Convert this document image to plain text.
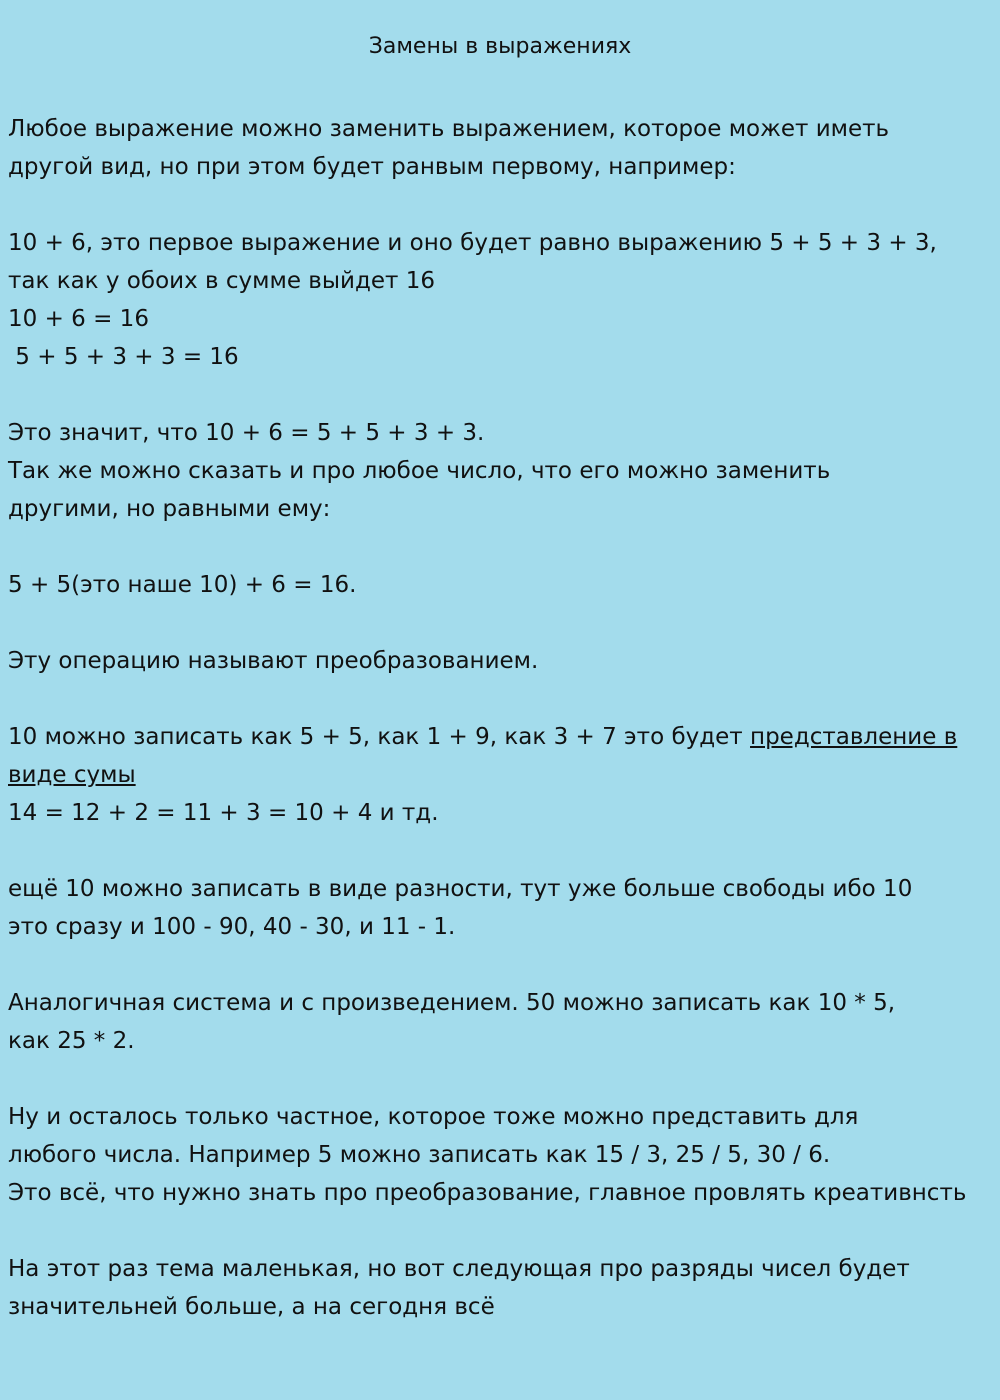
Замены в выражениях
Любое выражение можно заменить выражением, которое может иметь
другой вид, но при этом будет ранвым первому, например:
10 + 6, это первое выражение и оно будет равно выражению 5 + 5 + 3 + 3,
так как у обоих в сумме выйдет 16
10 + 6 = 16
5 + 5 + 3 + 3 = 16
Это значит, что 10 + 6 = 5 + 5 + 3 + 3.
Так же можно сказать и про любое число, что его можно заменить
другими, но равными ему:
5 + 5(это наше 10) + 6 = 16.
Эту операцию называют преобразованием.
10 можно записать как 5 + 5, как 1 + 9, как 3 + 7 это будет представление в
виде сумы
14 = 12 + 2 = 11 + 3 = 10 + 4 и тд.
ещё 10 можно записать в виде разности, тут уже больше свободы ибо 10
это сразу и 100 - 90, 40 - 30, и 11 - 1.
Аналогичная система и с произведением. 50 можно записать как 10 * 5,
как 25 * 2.
Ну и осталось только частное, которое тоже можно представить для
любого числа. Например 5 можно записать как 15 / 3, 25 / 5, 30 / 6.
Это всё, что нужно знать про преобразование, главное провлять креативнсть
На этот раз тема маленькая, но вот следующая про разряды чисел будет
значительней больше, а на сегодня всё
